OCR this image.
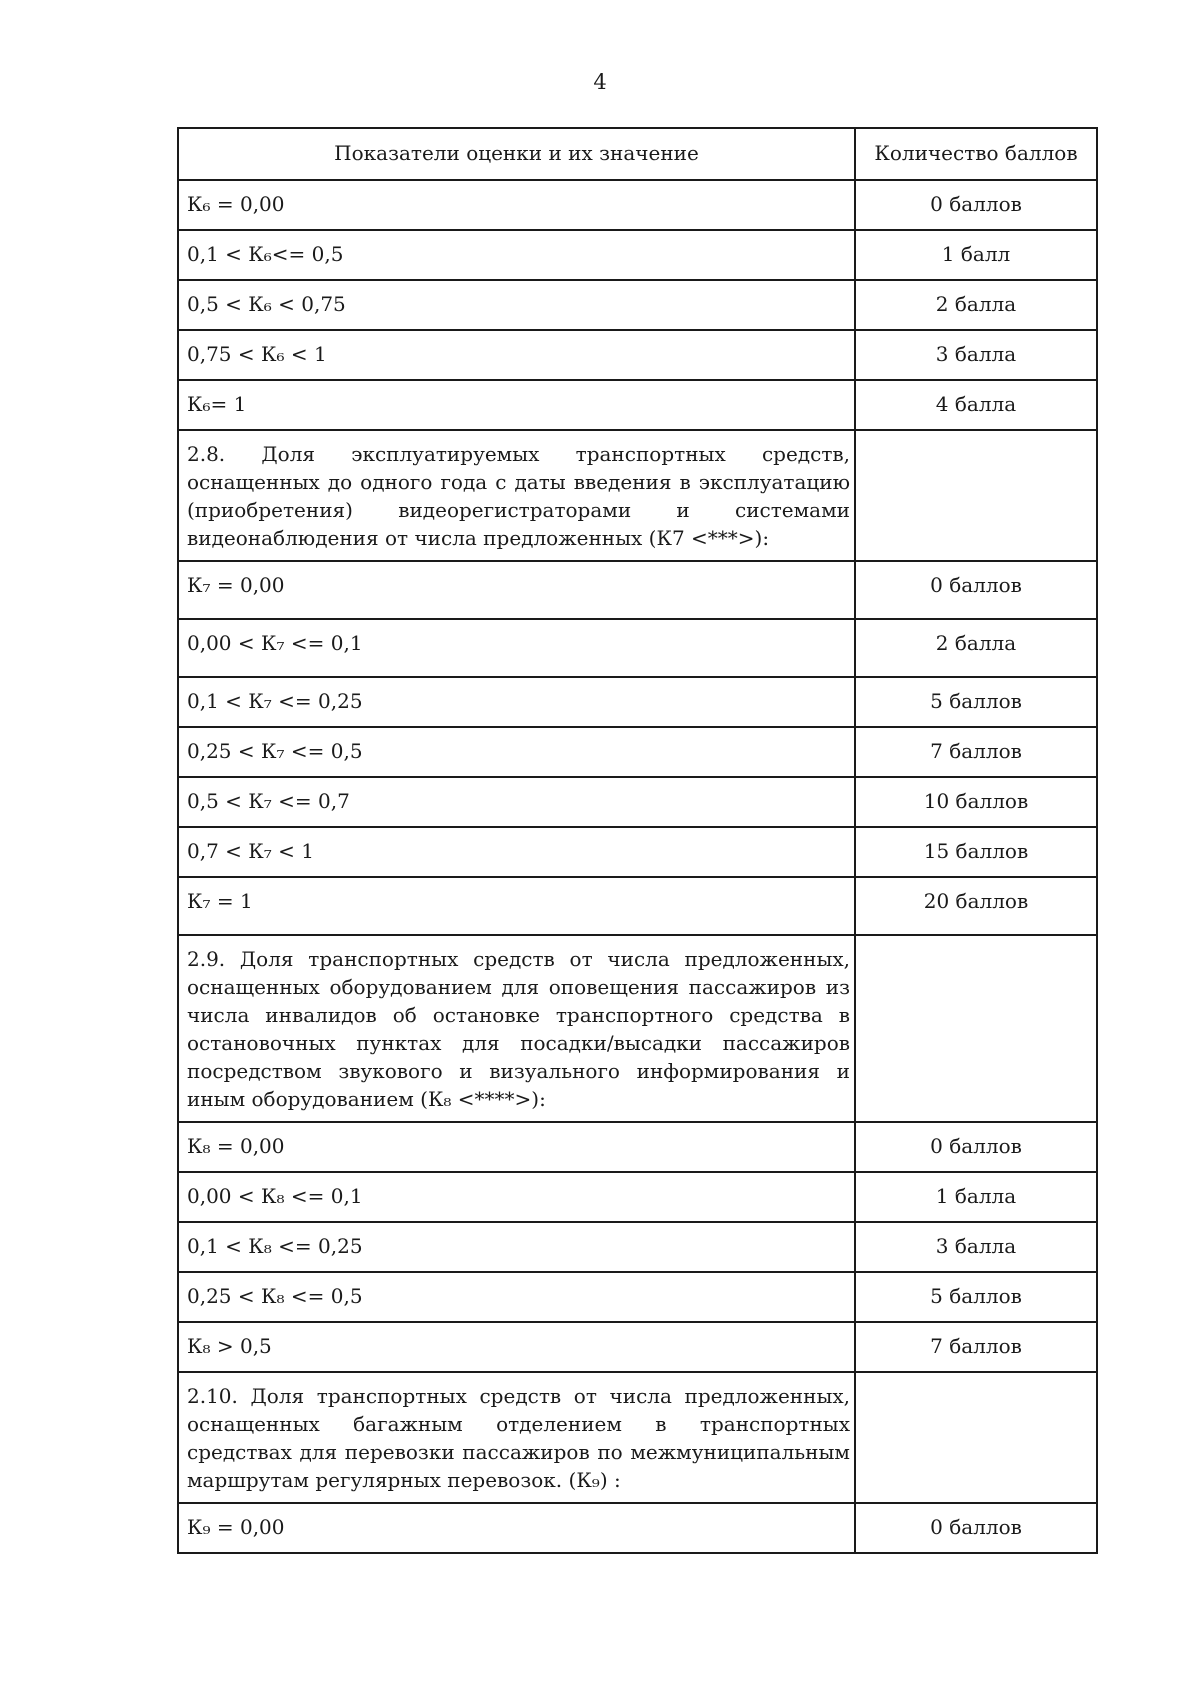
4
Показатели оценки и их значение	Количество баллов
К₆ = 0,00	0 баллов
0,1 < К₆<= 0,5	1 балл
0,5 < К₆ < 0,75	2 балла
0,75 < К₆ < 1	3 балла
К₆= 1	4 балла
2.8. Доля эксплуатируемых транспортных средств, оснащенных до одного года с даты введения в эксплуатацию (приобретения) видеорегистраторами и системами видеонаблюдения от числа предложенных (К7 <***>):	
К₇ = 0,00	0 баллов
0,00 < К₇ <= 0,1	2 балла
0,1 < К₇ <= 0,25	5 баллов
0,25 < К₇ <= 0,5	7 баллов
0,5 < К₇ <= 0,7	10 баллов
0,7 < К₇ < 1	15 баллов
К₇ = 1	20 баллов
2.9. Доля транспортных средств от числа предложенных, оснащенных оборудованием для оповещения пассажиров из числа инвалидов об остановке транспортного средства в остановочных пунктах для посадки/высадки пассажиров посредством звукового и визуального информирования и иным оборудованием (К₈ <****>):	
К₈ = 0,00	0 баллов
0,00 < К₈ <= 0,1	1 балла
0,1 < К₈ <= 0,25	3 балла
0,25 < К₈ <= 0,5	5 баллов
К₈ > 0,5	7 баллов
2.10. Доля транспортных средств от числа предложенных, оснащенных багажным отделением в транспортных средствах для перевозки пассажиров по межмуниципальным маршрутам регулярных перевозок. (К₉) :	
К₉ = 0,00	0 баллов
